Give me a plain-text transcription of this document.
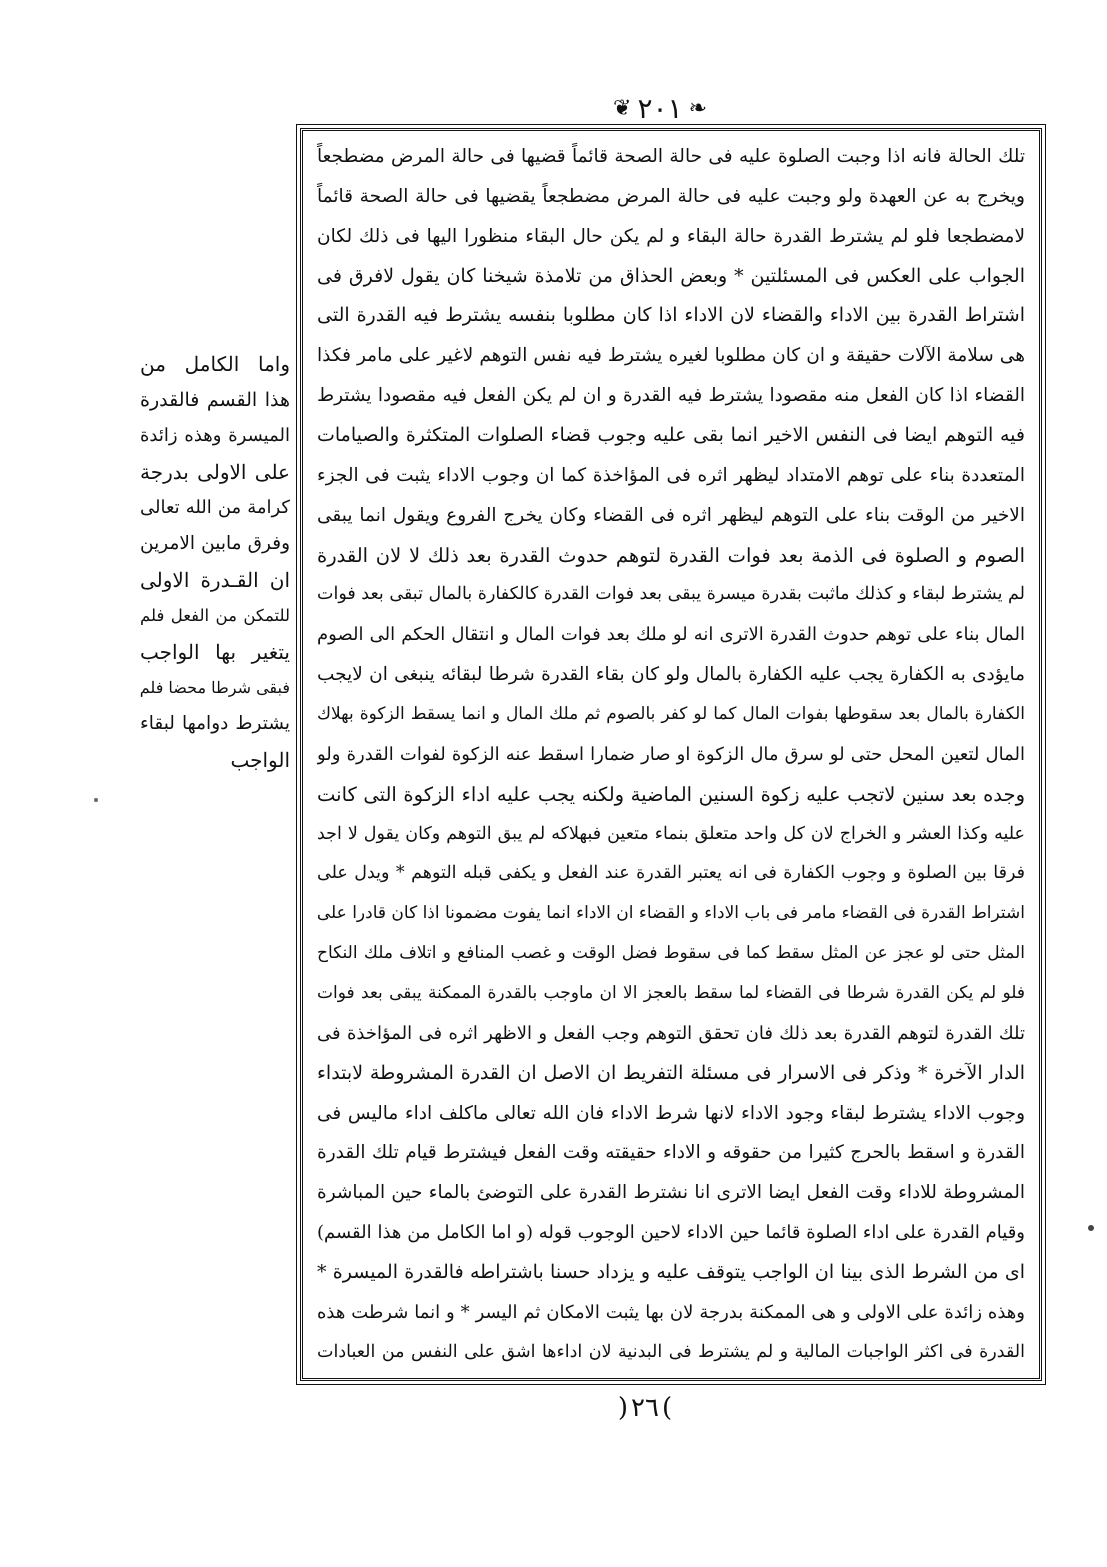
❧
٢٠١
❦
تلك الحالة فانه اذا وجبت الصلوة عليه فى حالة الصحة قائماً قضيها فى حالة المرض مضطجعاً
ويخرج به عن العهدة ولو وجبت عليه فى حالة المرض مضطجعاً يقضيها فى حالة الصحة قائماً
لامضطجعا فلو لم يشترط القدرة حالة البقاء و لم يكن حال البقاء منظورا اليها فى ذلك لكان
الجواب على العكس فى المسئلتين * وبعض الحذاق من تلامذة شيخنا كان يقول لافرق فى
اشتراط القدرة بين الاداء والقضاء لان الاداء اذا كان مطلوبا بنفسه يشترط فيه القدرة التى
هى سلامة الآلات حقيقة و ان كان مطلوبا لغيره يشترط فيه نفس التوهم لاغير على مامر فكذا
القضاء اذا كان الفعل منه مقصودا يشترط فيه القدرة و ان لم يكن الفعل فيه مقصودا يشترط
فيه التوهم ايضا فى النفس الاخير انما بقى عليه وجوب قضاء الصلوات المتكثرة والصيامات
المتعددة بناء على توهم الامتداد ليظهر اثره فى المؤاخذة كما ان وجوب الاداء يثبت فى الجزء
الاخير من الوقت بناء على التوهم ليظهر اثره فى القضاء وكان يخرج الفروع ويقول انما يبقى
الصوم و الصلوة فى الذمة بعد فوات القدرة لتوهم حدوث القدرة بعد ذلك لا لان القدرة
لم يشترط لبقاء و كذلك ماثبت بقدرة ميسرة يبقى بعد فوات القدرة كالكفارة بالمال تبقى بعد فوات
المال بناء على توهم حدوث القدرة الاترى انه لو ملك بعد فوات المال و انتقال الحكم الى الصوم
مايؤدى به الكفارة يجب عليه الكفارة بالمال ولو كان بقاء القدرة شرطا لبقائه ينبغى ان لايجب
الكفارة بالمال بعد سقوطها بفوات المال كما لو كفر بالصوم ثم ملك المال و انما يسقط الزكوة بهلاك
المال لتعين المحل حتى لو سرق مال الزكوة او صار ضمارا اسقط عنه الزكوة لفوات القدرة ولو
وجده بعد سنين لاتجب عليه زكوة السنين الماضية ولكنه يجب عليه اداء الزكوة التى كانت
عليه وكذا العشر و الخراج لان كل واحد متعلق بنماء متعين فبهلاكه لم يبق التوهم وكان يقول لا اجد
فرقا بين الصلوة و وجوب الكفارة فى انه يعتبر القدرة عند الفعل و يكفى قبله التوهم * ويدل على
اشتراط القدرة فى القضاء مامر فى باب الاداء و القضاء ان الاداء انما يفوت مضمونا اذا كان قادرا على
المثل حتى لو عجز عن المثل سقط كما فى سقوط فضل الوقت و غصب المنافع و اتلاف ملك النكاح
فلو لم يكن القدرة شرطا فى القضاء لما سقط بالعجز الا ان ماوجب بالقدرة الممكنة يبقى بعد فوات
تلك القدرة لتوهم القدرة بعد ذلك فان تحقق التوهم وجب الفعل و الاظهر اثره فى المؤاخذة فى
الدار الآخرة * وذكر فى الاسرار فى مسئلة التفريط ان الاصل ان القدرة المشروطة لابتداء
وجوب الاداء يشترط لبقاء وجود الاداء لانها شرط الاداء فان الله تعالى ماكلف اداء ماليس فى
القدرة و اسقط بالحرج كثيرا من حقوقه و الاداء حقيقته وقت الفعل فيشترط قيام تلك القدرة
المشروطة للاداء وقت الفعل ايضا الاترى انا نشترط القدرة على التوضئ بالماء حين المباشرة
وقيام القدرة على اداء الصلوة قائما حين الاداء لاحين الوجوب قوله (و اما الكامل من هذا القسم)
اى من الشرط الذى بينا ان الواجب يتوقف عليه و يزداد حسنا باشتراطه فالقدرة الميسرة *
وهذه زائدة على الاولى و هى الممكنة بدرجة لان بها يثبت الامكان ثم اليسر * و انما شرطت هذه
القدرة فى اكثر الواجبات المالية و لم يشترط فى البدنية لان اداءها اشق على النفس من العبادات
واما الكامل من
هذا القسم فالقدرة
الميسرة وهذه زائدة
على الاولى بدرجة
كرامة من الله تعالى
وفرق مابين الامرين
ان القـدرة الاولى
للتمكن من الفعل فلم
يتغير بها الواجب
فبقى شرطا محضا فلم
يشترط دوامها لبقاء
الواجب
)
٢٦
(
